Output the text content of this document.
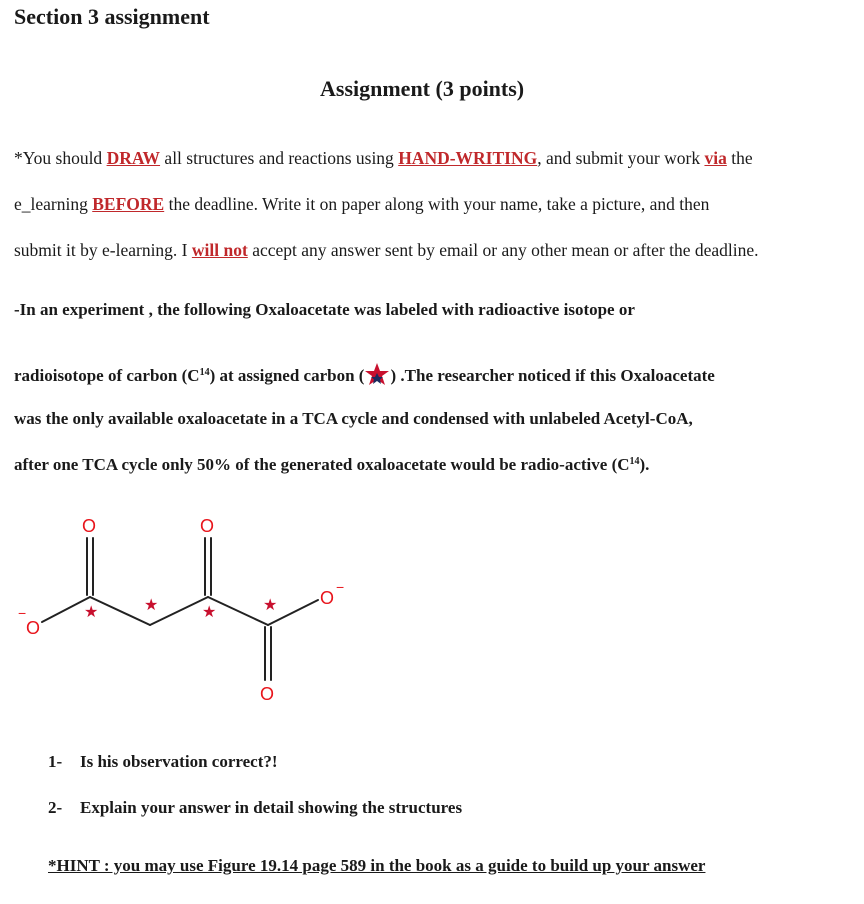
Section 3 assignment
Assignment (3 points)
*You should DRAW all structures and reactions using HAND-WRITING, and submit your work via the
e_learning BEFORE the deadline. Write it on paper along with your name, take a picture, and then
submit it by e-learning. I will not accept any answer sent by email or any other mean or after the deadline.
-In an experiment , the following Oxaloacetate was labeled with radioactive isotope or
radioisotope of carbon $(C^{14})$ at assigned carbon ( ) .The researcher noticed if this Oxaloacetate
was the only available oxaloacetate in a TCA cycle and condensed with unlabeled Acetyl-CoA,
after one TCA cycle only 50% of the generated oxaloacetate would be radio-active $(C^{14})$.
O	O
O
O
−
O
−
★	★	★	★
1- Is his observation correct?!
2- Explain your answer in detail showing the structures
*HINT : you may use Figure 19.14 page 589 in the book as a guide to build up your answer
